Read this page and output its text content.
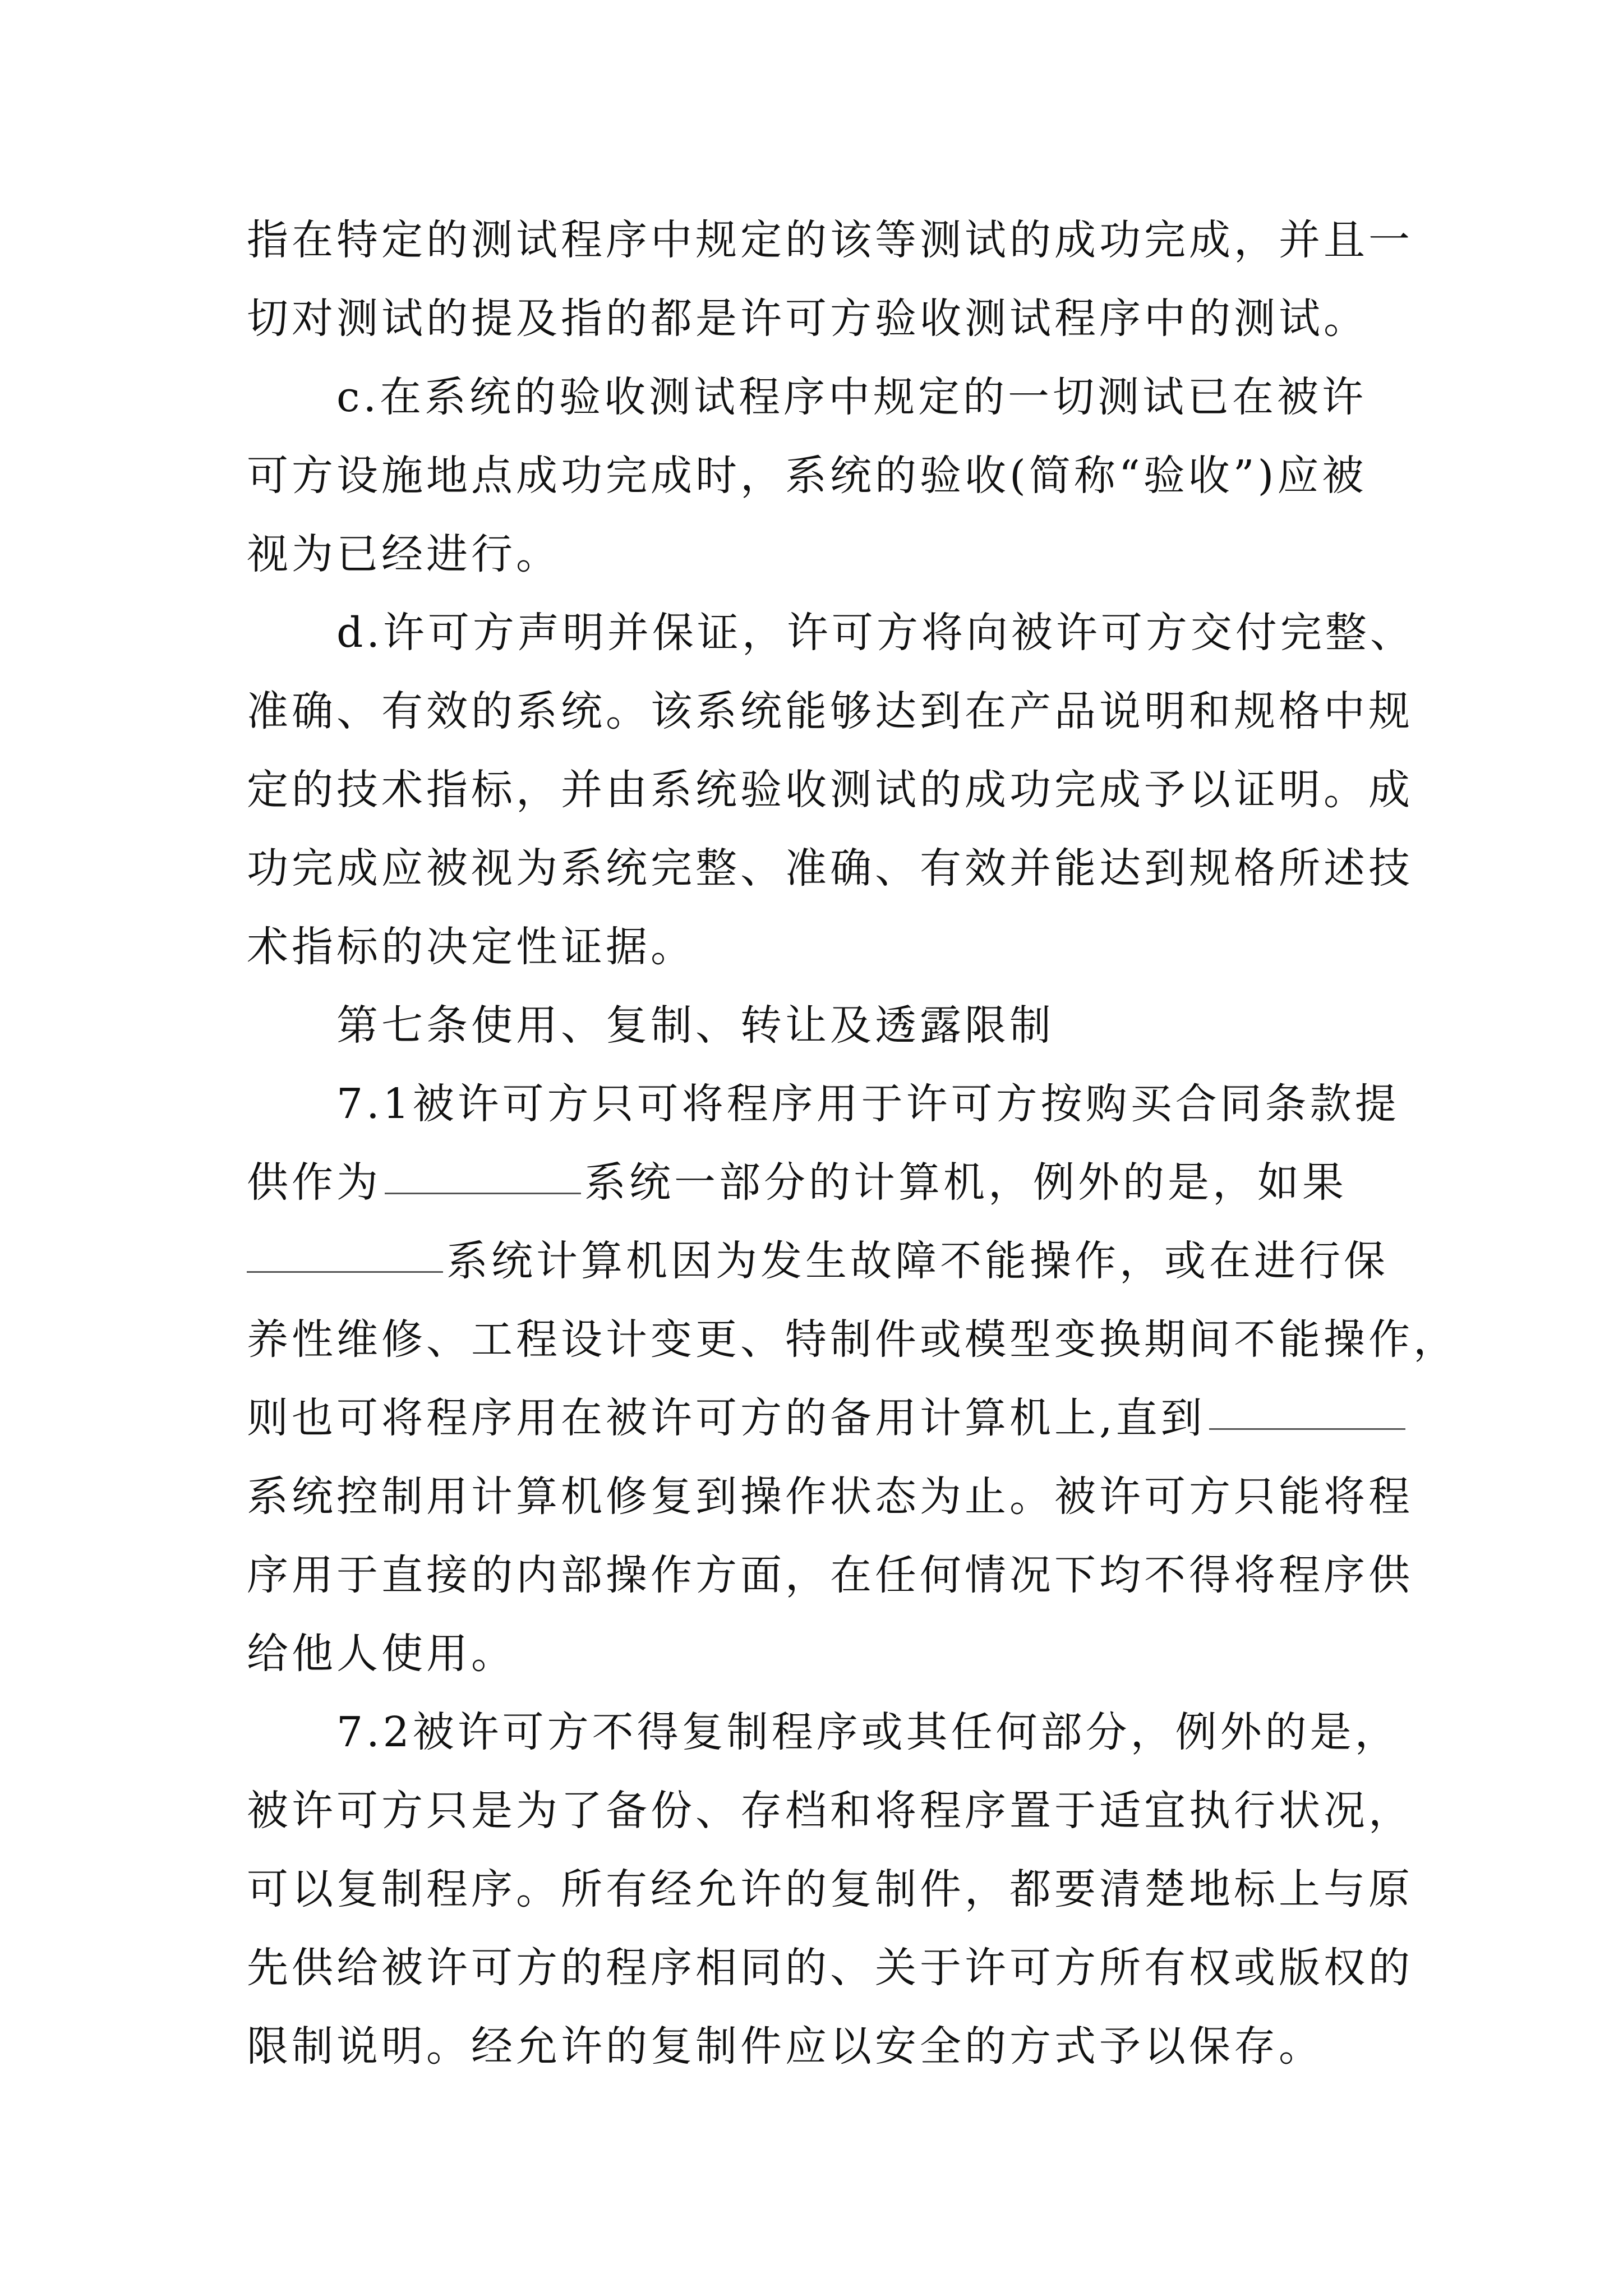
指在特定的测试程序中规定的该等测试的成功完成，并且一
切对测试的提及指的都是许可方验收测试程序中的测试。
c.在系统的验收测试程序中规定的一切测试已在被许
可方设施地点成功完成时，系统的验收(简称“验收”)应被
视为已经进行。
d.许可方声明并保证，许可方将向被许可方交付完整、
准确、有效的系统。该系统能够达到在产品说明和规格中规
定的技术指标，并由系统验收测试的成功完成予以证明。成
功完成应被视为系统完整、准确、有效并能达到规格所述技
术指标的决定性证据。
第七条使用、复制、转让及透露限制
7.1被许可方只可将程序用于许可方按购买合同条款提
供作为	系统一部分的计算机，例外的是，如果
系统计算机因为发生故障不能操作，或在进行保
养性维修、工程设计变更、特制件或模型变换期间不能操作，
则也可将程序用在被许可方的备用计算机上,直到
系统控制用计算机修复到操作状态为止。被许可方只能将程
序用于直接的内部操作方面，在任何情况下均不得将程序供
给他人使用。
7.2被许可方不得复制程序或其任何部分，例外的是，
被许可方只是为了备份、存档和将程序置于适宜执行状况，
可以复制程序。所有经允许的复制件，都要清楚地标上与原
先供给被许可方的程序相同的、关于许可方所有权或版权的
限制说明。经允许的复制件应以安全的方式予以保存。
